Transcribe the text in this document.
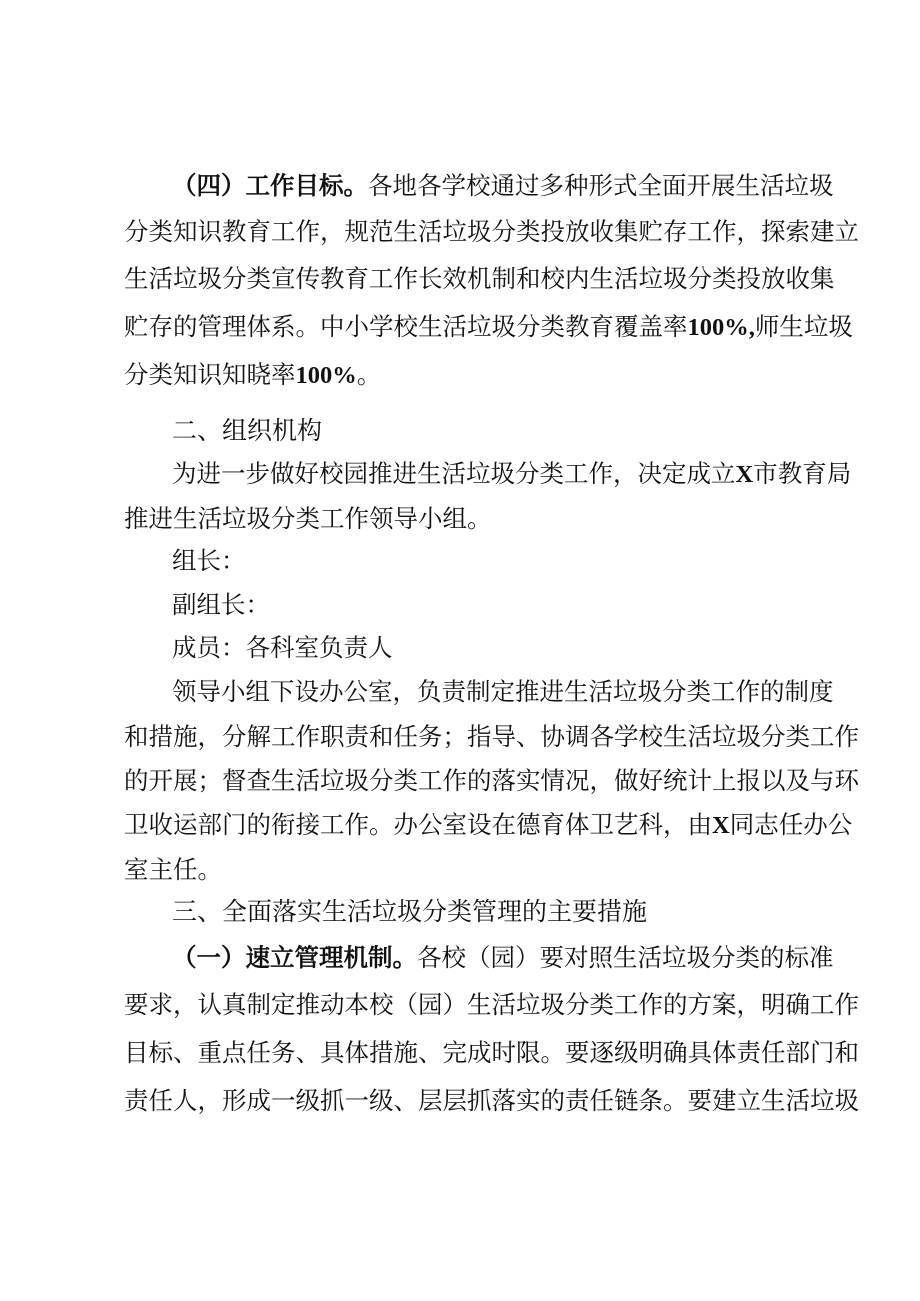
（四）工作目标。各地各学校通过多种形式全面开展生活垃圾
分类知识教育工作，规范生活垃圾分类投放收集贮存工作，探索建立
生活垃圾分类宣传教育工作长效机制和校内生活垃圾分类投放收集
贮存的管理体系。中小学校生活垃圾分类教育覆盖率100%,师生垃圾
分类知识知晓率100%。
二、组织机构
为进一步做好校园推进生活垃圾分类工作，决定成立X市教育局
推进生活垃圾分类工作领导小组。
组长：
副组长：
成员：各科室负责人
领导小组下设办公室，负责制定推进生活垃圾分类工作的制度
和措施，分解工作职责和任务；指导、协调各学校生活垃圾分类工作
的开展；督查生活垃圾分类工作的落实情况，做好统计上报以及与环
卫收运部门的衔接工作。办公室设在德育体卫艺科，由X同志任办公
室主任。
三、全面落实生活垃圾分类管理的主要措施
（一）速立管理机制。各校（园）要对照生活垃圾分类的标准
要求，认真制定推动本校（园）生活垃圾分类工作的方案，明确工作
目标、重点任务、具体措施、完成时限。要逐级明确具体责任部门和
责任人，形成一级抓一级、层层抓落实的责任链条。要建立生活垃圾
